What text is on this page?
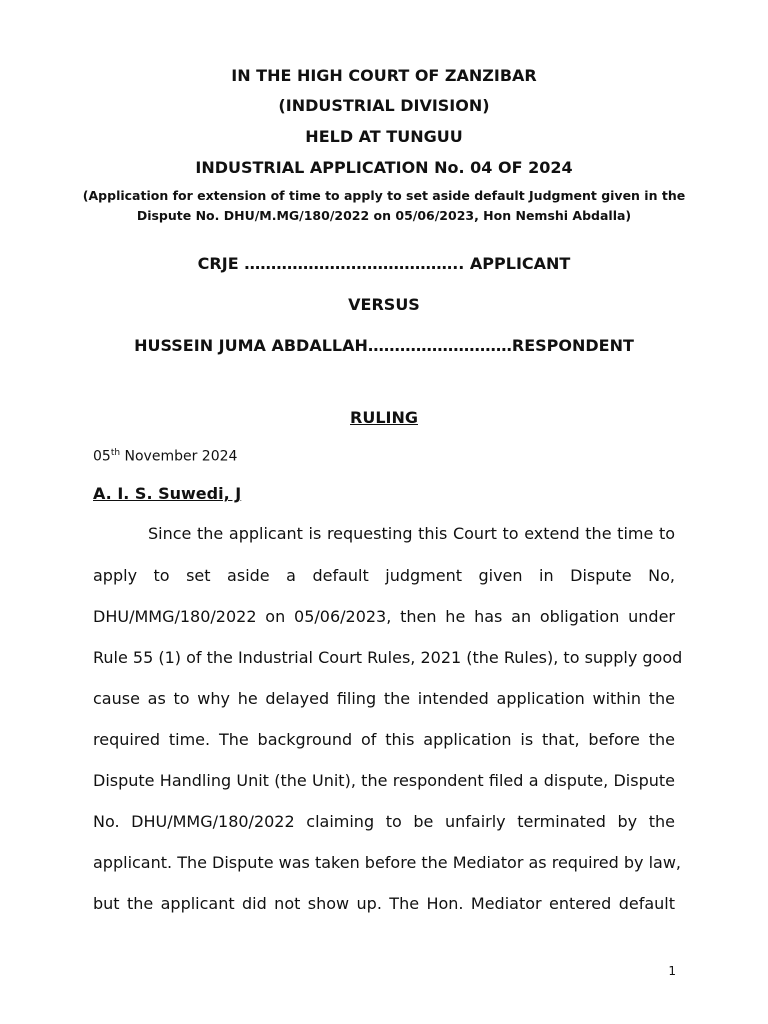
IN THE HIGH COURT OF ZANZIBAR
(INDUSTRIAL DIVISION)
HELD AT TUNGUU
INDUSTRIAL APPLICATION No. 04 OF 2024
(Application for extension of time to apply to set aside default Judgment given in the
Dispute No. DHU/M.MG/180/2022 on 05/06/2023, Hon Nemshi Abdalla)
CRJE ………………………………….. APPLICANT
VERSUS
HUSSEIN JUMA ABDALLAH………………………RESPONDENT
RULING
05th November 2024
A. I. S. Suwedi, J
Since the applicant is requesting this Court to extend the time to
apply to set aside a default judgment given in Dispute No,
DHU/MMG/180/2022 on 05/06/2023, then he has an obligation under
Rule 55 (1) of the Industrial Court Rules, 2021 (the Rules), to supply good
cause as to why he delayed filing the intended application within the
required time. The background of this application is that, before the
Dispute Handling Unit (the Unit), the respondent filed a dispute, Dispute
No. DHU/MMG/180/2022 claiming to be unfairly terminated by the
applicant. The Dispute was taken before the Mediator as required by law,
but the applicant did not show up. The Hon. Mediator entered default
1
